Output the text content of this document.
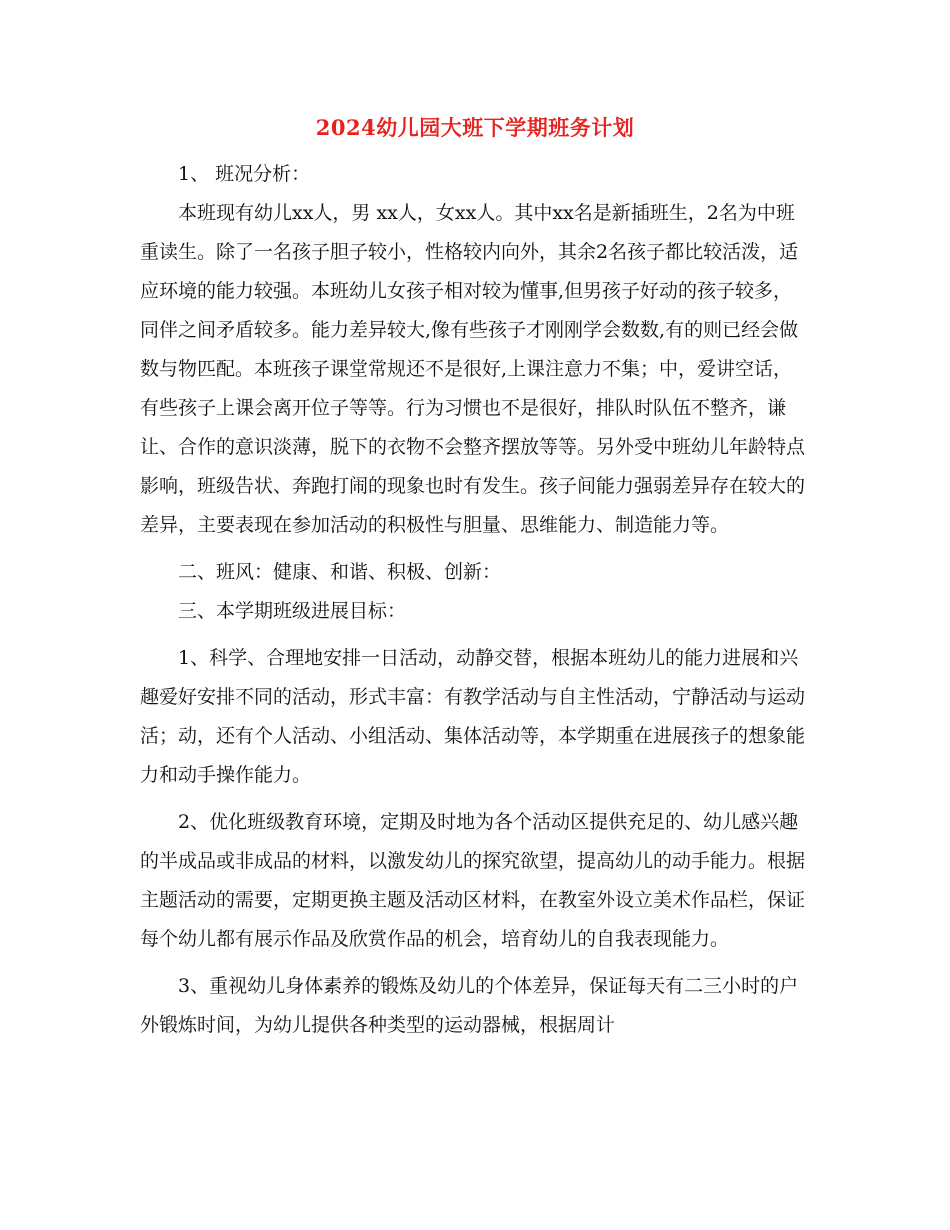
2024幼儿园大班下学期班务计划

1、 班况分析：

本班现有幼儿xx人，男 xx人，女xx人。其中xx名是新插班生，2名为中班重读生。除了一名孩子胆子较小，性格较内向外，其余2名孩子都比较活泼，适应环境的能力较强。本班幼儿女孩子相对较为懂事,但男孩子好动的孩子较多，同伴之间矛盾较多。能力差异较大,像有些孩子才刚刚学会数数,有的则已经会做数与物匹配。本班孩子课堂常规还不是很好,上课注意力不集；中，爱讲空话，有些孩子上课会离开位子等等。行为习惯也不是很好，排队时队伍不整齐，谦让、合作的意识淡薄，脱下的衣物不会整齐摆放等等。另外受中班幼儿年龄特点影响，班级告状、奔跑打闹的现象也时有发生。孩子间能力强弱差异存在较大的差异，主要表现在参加活动的积极性与胆量、思维能力、制造能力等。

二、班风：健康、和谐、积极、创新：

三、本学期班级进展目标：

1、科学、合理地安排一日活动，动静交替，根据本班幼儿的能力进展和兴趣爱好安排不同的活动，形式丰富：有教学活动与自主性活动，宁静活动与运动活；动，还有个人活动、小组活动、集体活动等，本学期重在进展孩子的想象能力和动手操作能力。

2、优化班级教育环境，定期及时地为各个活动区提供充足的、幼儿感兴趣的半成品或非成品的材料，以激发幼儿的探究欲望，提高幼儿的动手能力。根据主题活动的需要，定期更换主题及活动区材料，在教室外设立美术作品栏，保证每个幼儿都有展示作品及欣赏作品的机会，培育幼儿的自我表现能力。

3、重视幼儿身体素养的锻炼及幼儿的个体差异，保证每天有二三小时的户外锻炼时间，为幼儿提供各种类型的运动器械，根据周计
